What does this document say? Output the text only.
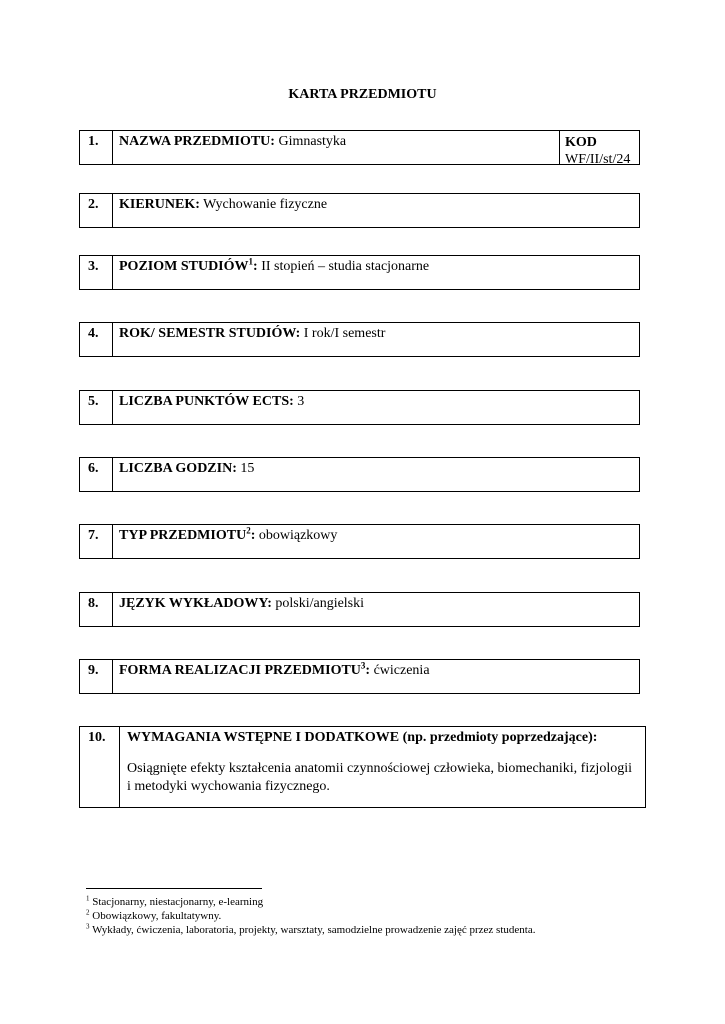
KARTA PRZEDMIOTU
1.	NAZWA PRZEDMIOTU: Gimnastyka	KOD
WF/II/st/24
2.	KIERUNEK: Wychowanie fizyczne
3.	POZIOM STUDIÓW$^1$: II stopień – studia stacjonarne
4.	ROK/ SEMESTR STUDIÓW: I rok/I semestr
5.	LICZBA PUNKTÓW ECTS: 3
6.	LICZBA GODZIN: 15
7.	TYP PRZEDMIOTU$^2$: obowiązkowy
8.	JĘZYK WYKŁADOWY: polski/angielski
9.	FORMA REALIZACJI PRZEDMIOTU$^3$: ćwiczenia
10.	WYMAGANIA WSTĘPNE I DODATKOWE (np. przedmioty poprzedzające):
Osiągnięte efekty kształcenia anatomii czynnościowej człowieka, biomechaniki, fizjologii i metodyki wychowania fizycznego.
$^1$ Stacjonarny, niestacjonarny, e-learning
$^2$ Obowiązkowy, fakultatywny.
$^3$ Wykłady, ćwiczenia, laboratoria, projekty, warsztaty, samodzielne prowadzenie zajęć przez studenta.
